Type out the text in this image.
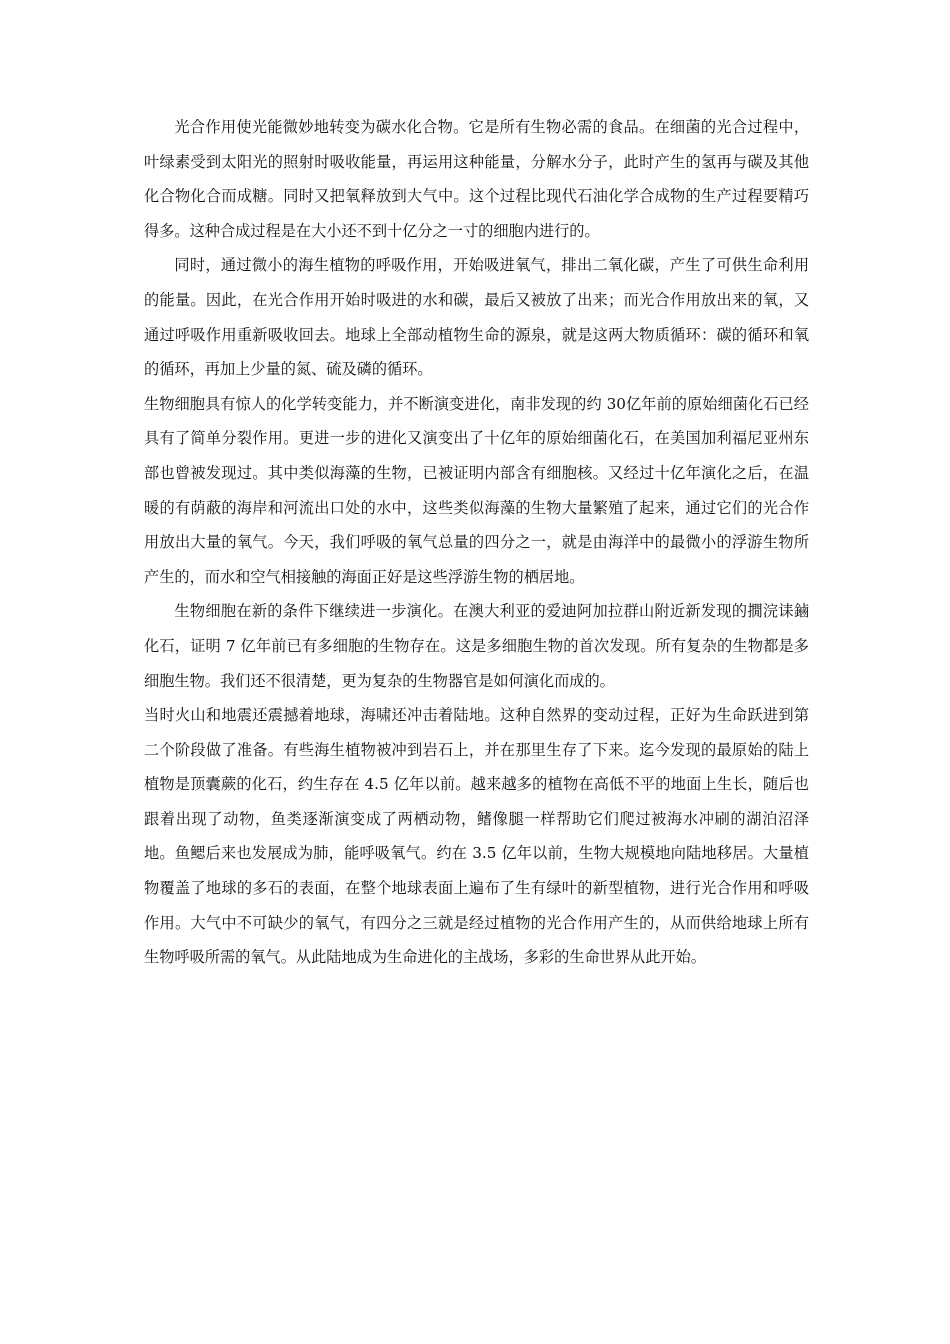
光合作用使光能微妙地转变为碳水化合物。它是所有生物必需的食品。在细菌的光合过程中，叶绿素受到太阳光的照射时吸收能量，再运用这种能量，分解水分子，此时产生的氢再与碳及其他化合物化合而成糖。同时又把氧释放到大气中。这个过程比现代石油化学合成物的生产过程要精巧得多。这种合成过程是在大小还不到十亿分之一寸的细胞内进行的。

同时，通过微小的海生植物的呼吸作用，开始吸进氧气，排出二氧化碳，产生了可供生命利用的能量。因此，在光合作用开始时吸进的水和碳，最后又被放了出来；而光合作用放出来的氧，又通过呼吸作用重新吸收回去。地球上全部动植物生命的源泉，就是这两大物质循环：碳的循环和氧的循环，再加上少量的氮、硫及磷的循环。

生物细胞具有惊人的化学转变能力，并不断演变进化，南非发现的约 30亿年前的原始细菌化石已经具有了简单分裂作用。更进一步的进化又演变出了十亿年的原始细菌化石，在美国加利福尼亚州东部也曾被发现过。其中类似海藻的生物，已被证明内部含有细胞核。又经过十亿年演化之后，在温暖的有荫蔽的海岸和河流出口处的水中，这些类似海藻的生物大量繁殖了起来，通过它们的光合作用放出大量的氧气。今天，我们呼吸的氧气总量的四分之一，就是由海洋中的最微小的浮游生物所产生的，而水和空气相接触的海面正好是这些浮游生物的栖居地。

生物细胞在新的条件下继续进一步演化。在澳大利亚的爱迪阿加拉群山附近新发现的撊浣诔鏀化石，证明 7 亿年前已有多细胞的生物存在。这是多细胞生物的首次发现。所有复杂的生物都是多细胞生物。我们还不很清楚，更为复杂的生物器官是如何演化而成的。

当时火山和地震还震撼着地球，海啸还冲击着陆地。这种自然界的变动过程，正好为生命跃进到第二个阶段做了准备。有些海生植物被冲到岩石上，并在那里生存了下来。迄今发现的最原始的陆上植物是顶囊蕨的化石，约生存在 4.5 亿年以前。越来越多的植物在高低不平的地面上生长，随后也跟着出现了动物，鱼类逐渐演变成了两栖动物，鳍像腿一样帮助它们爬过被海水冲刷的湖泊沼泽地。鱼鳃后来也发展成为肺，能呼吸氧气。约在 3.5 亿年以前，生物大规模地向陆地移居。大量植物覆盖了地球的多石的表面，在整个地球表面上遍布了生有绿叶的新型植物，进行光合作用和呼吸作用。大气中不可缺少的氧气，有四分之三就是经过植物的光合作用产生的，从而供给地球上所有生物呼吸所需的氧气。从此陆地成为生命进化的主战场，多彩的生命世界从此开始。
